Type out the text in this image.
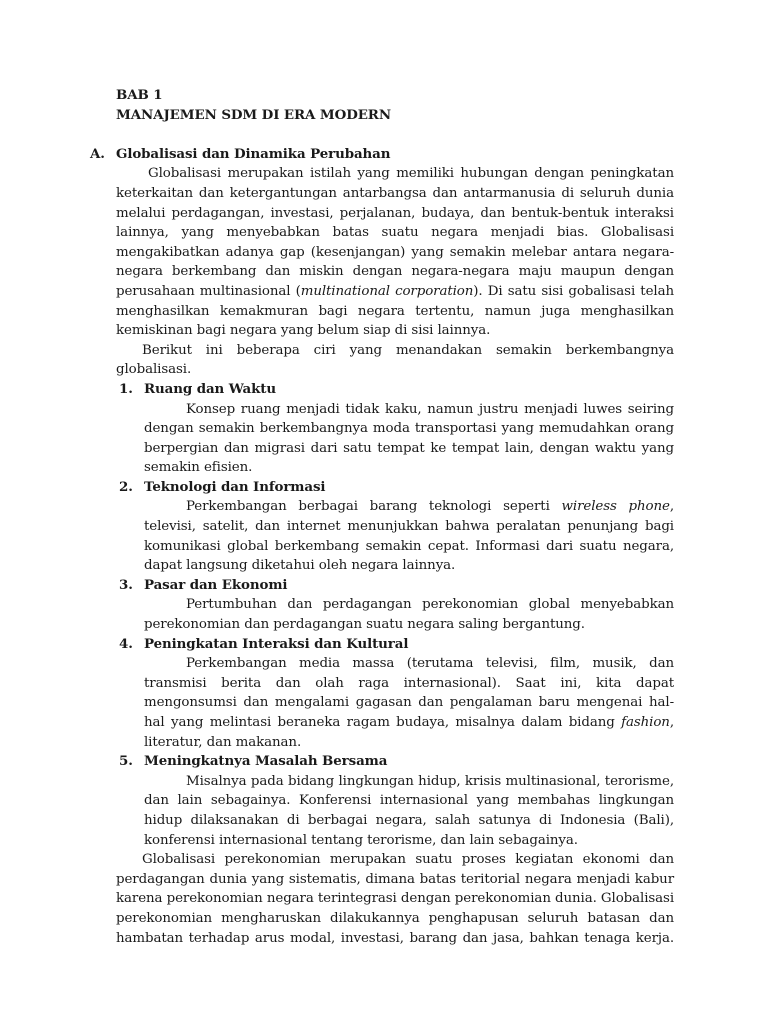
BAB 1
MANAJEMEN SDM DI ERA MODERN
A. Globalisasi dan Dinamika Perubahan

Globalisasi merupakan istilah yang memiliki hubungan dengan peningkatan keterkaitan dan ketergantungan antarbangsa dan antarmanusia di seluruh dunia melalui perdagangan, investasi, perjalanan, budaya, dan bentuk-bentuk interaksi lainnya, yang menyebabkan batas suatu negara menjadi bias. Globalisasi mengakibatkan adanya gap (kesenjangan) yang semakin melebar antara negara-negara berkembang dan miskin dengan negara-negara maju maupun dengan perusahaan multinasional (multinational corporation). Di satu sisi gobalisasi telah menghasilkan kemakmuran bagi negara tertentu, namun juga menghasilkan kemiskinan bagi negara yang belum siap di sisi lainnya.

Berikut ini beberapa ciri yang menandakan semakin berkembangnya globalisasi.

1. Ruang dan Waktu

Konsep ruang menjadi tidak kaku, namun justru menjadi luwes seiring dengan semakin berkembangnya moda transportasi yang memudahkan orang berpergian dan migrasi dari satu tempat ke tempat lain, dengan waktu yang semakin efisien.

2. Teknologi dan Informasi

Perkembangan berbagai barang teknologi seperti wireless phone, televisi, satelit, dan internet menunjukkan bahwa peralatan penunjang bagi komunikasi global berkembang semakin cepat. Informasi dari suatu negara, dapat langsung diketahui oleh negara lainnya.

3. Pasar dan Ekonomi

Pertumbuhan dan perdagangan perekonomian global menyebabkan perekonomian dan perdagangan suatu negara saling bergantung.

4. Peningkatan Interaksi dan Kultural

Perkembangan media massa (terutama televisi, film, musik, dan transmisi berita dan olah raga internasional). Saat ini, kita dapat mengonsumsi dan mengalami gagasan dan pengalaman baru mengenai hal-hal yang melintasi beraneka ragam budaya, misalnya dalam bidang fashion, literatur, dan makanan.

5. Meningkatnya Masalah Bersama

Misalnya pada bidang lingkungan hidup, krisis multinasional, terorisme, dan lain sebagainya. Konferensi internasional yang membahas lingkungan hidup dilaksanakan di berbagai negara, salah satunya di Indonesia (Bali), konferensi internasional tentang terorisme, dan lain sebagainya.

Globalisasi perekonomian merupakan suatu proses kegiatan ekonomi dan perdagangan dunia yang sistematis, dimana batas teritorial negara menjadi kabur karena perekonomian negara terintegrasi dengan perekonomian dunia. Globalisasi perekonomian mengharuskan dilakukannya penghapusan seluruh batasan dan hambatan terhadap arus modal, investasi, barang dan jasa, bahkan tenaga kerja.
